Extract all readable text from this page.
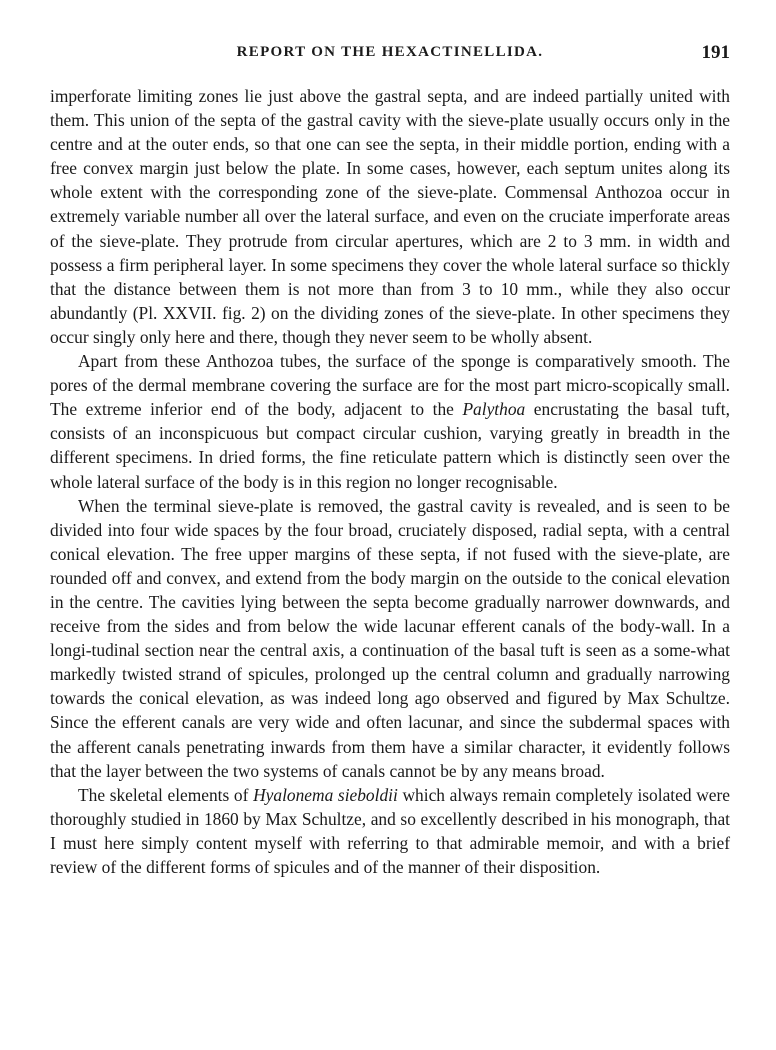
REPORT ON THE HEXACTINELLIDA.	191

imperforate limiting zones lie just above the gastral septa, and are indeed partially united with them. This union of the septa of the gastral cavity with the sieve-plate usually occurs only in the centre and at the outer ends, so that one can see the septa, in their middle portion, ending with a free convex margin just below the plate. In some cases, however, each septum unites along its whole extent with the corresponding zone of the sieve-plate. Commensal Anthozoa occur in extremely variable number all over the lateral surface, and even on the cruciate imperforate areas of the sieve-plate. They protrude from circular apertures, which are 2 to 3 mm. in width and possess a firm peripheral layer. In some specimens they cover the whole lateral surface so thickly that the distance between them is not more than from 3 to 10 mm., while they also occur abundantly (Pl. XXVII. fig. 2) on the dividing zones of the sieve-plate. In other specimens they occur singly only here and there, though they never seem to be wholly absent.

Apart from these Anthozoa tubes, the surface of the sponge is comparatively smooth. The pores of the dermal membrane covering the surface are for the most part micro-scopically small. The extreme inferior end of the body, adjacent to the Palythoa encrustating the basal tuft, consists of an inconspicuous but compact circular cushion, varying greatly in breadth in the different specimens. In dried forms, the fine reticulate pattern which is distinctly seen over the whole lateral surface of the body is in this region no longer recognisable.

When the terminal sieve-plate is removed, the gastral cavity is revealed, and is seen to be divided into four wide spaces by the four broad, cruciately disposed, radial septa, with a central conical elevation. The free upper margins of these septa, if not fused with the sieve-plate, are rounded off and convex, and extend from the body margin on the outside to the conical elevation in the centre. The cavities lying between the septa become gradually narrower downwards, and receive from the sides and from below the wide lacunar efferent canals of the body-wall. In a longi-tudinal section near the central axis, a continuation of the basal tuft is seen as a some-what markedly twisted strand of spicules, prolonged up the central column and gradually narrowing towards the conical elevation, as was indeed long ago observed and figured by Max Schultze. Since the efferent canals are very wide and often lacunar, and since the subdermal spaces with the afferent canals penetrating inwards from them have a similar character, it evidently follows that the layer between the two systems of canals cannot be by any means broad.

The skeletal elements of Hyalonema sieboldii which always remain completely isolated were thoroughly studied in 1860 by Max Schultze, and so excellently described in his monograph, that I must here simply content myself with referring to that admirable memoir, and with a brief review of the different forms of spicules and of the manner of their disposition.
